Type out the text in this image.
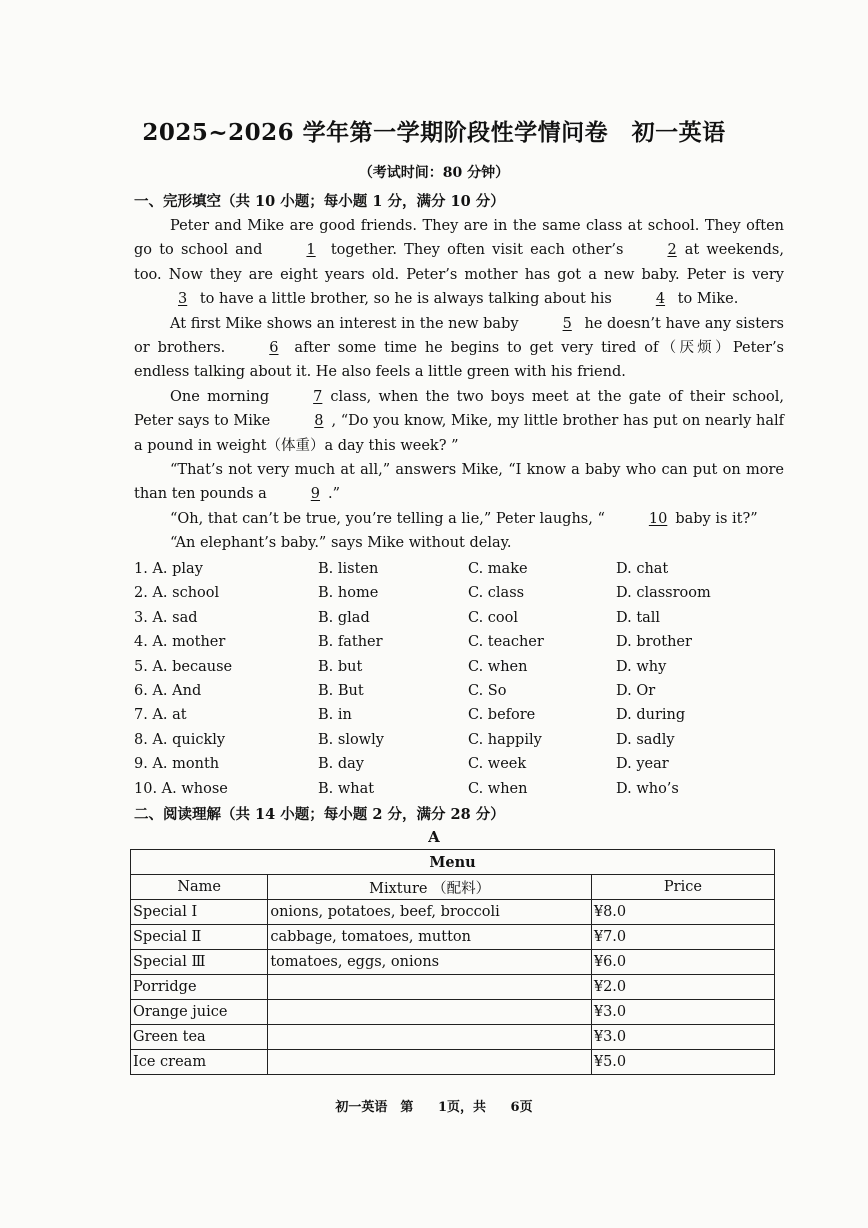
2025~2026 学年第一学期阶段性学情问卷　初一英语
（考试时间：80 分钟）
一、完形填空（共 10 小题；每小题 1 分，满分 10 分）

Peter and Mike are good friends. They are in the same class at school. They often go to school and	1 together. They often visit each other’s	2 at weekends, too. Now they are eight years old. Peter’s mother has got a new baby. Peter is very3 to have a little brother, so he is always talking about his	4 to Mike.

At first Mike shows an interest in the new baby	5 he doesn’t have any sisters or brothers.	6 after some time he begins to get very tired of（厌烦）Peter’s endless talking about it. He also feels a little green with his friend.

One morning	7 class, when the two boys meet at the gate of their school, Peter says to Mike	8 , “Do you know, Mike, my little brother has put on nearly half a pound in weight（体重）a day this week? ”

“That’s not very much at all,” answers Mike, “I know a baby who can put on more than ten pounds a	9 .”

“Oh, that can’t be true, you’re telling a lie,” Peter laughs, “	10 baby is it?”

“An elephant’s baby.” says Mike without delay.

1. A. play	B. listen	C. make	D. chat
2. A. school	B. home	C. class	D. classroom
3. A. sad	B. glad	C. cool	D. tall
4. A. mother	B. father	C. teacher	D. brother
5. A. because	B. but	C. when	D. why
6. A. And	B. But	C. So	D. Or
7. A. at	B. in	C. before	D. during
8. A. quickly	B. slowly	C. happily	D. sadly
9. A. month	B. day	C. week	D. year
10. A. whose	B. what	C. when	D. who’s
二、阅读理解（共 14 小题；每小题 2 分，满分 28 分）
A
Menu		
Name	Mixture （配料）	Price
Special Ⅰ	onions, potatoes, beef, broccoli	¥8.0
Special Ⅱ	cabbage, tomatoes, mutton	¥7.0
Special Ⅲ	tomatoes, eggs, onions	¥6.0
Porridge		¥2.0
Orange juice		¥3.0
Green tea		¥3.0
Ice cream		¥5.0
初一英语　第 1页，共 6页
